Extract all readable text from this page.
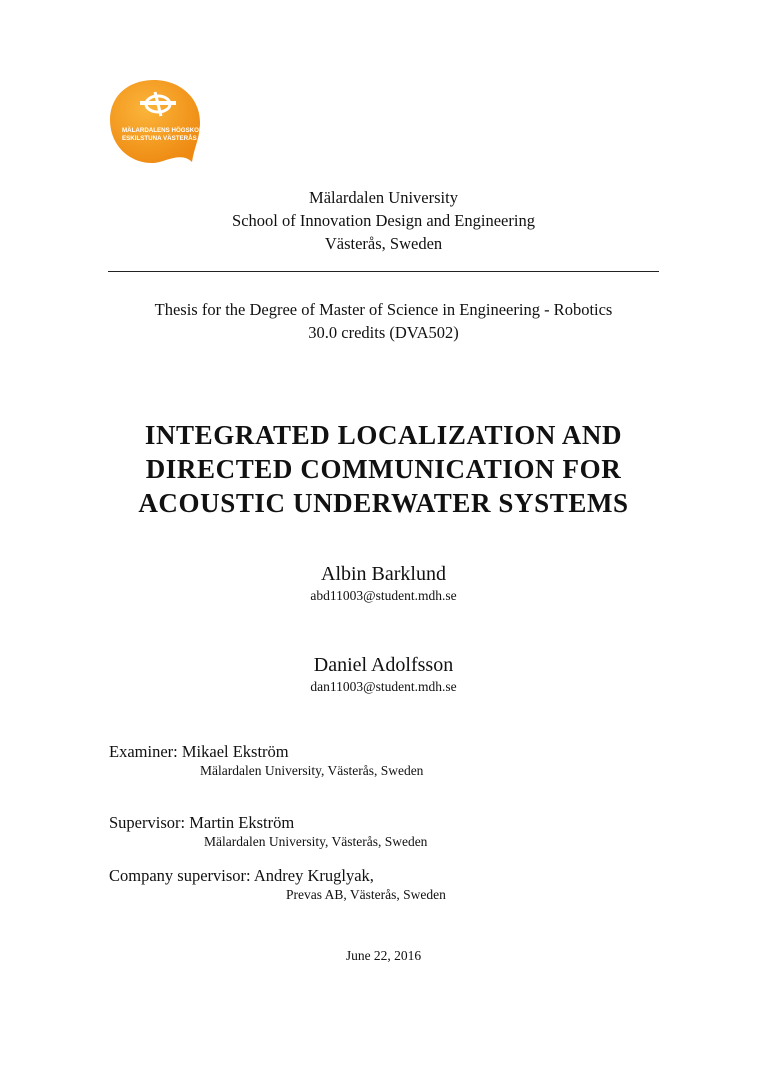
MÄLARDALENS HÖGSKOLA
ESKILSTUNA VÄSTERÅS
Mälardalen University
School of Innovation Design and Engineering
Västerås, Sweden
Thesis for the Degree of Master of Science in Engineering - Robotics
30.0 credits (DVA502)
INTEGRATED LOCALIZATION AND
DIRECTED COMMUNICATION FOR
ACOUSTIC UNDERWATER SYSTEMS
Albin Barklund
abd11003@student.mdh.se
Daniel Adolfsson
dan11003@student.mdh.se
Examiner: Mikael Ekström
Mälardalen University, Västerås, Sweden
Supervisor: Martin Ekström
Mälardalen University, Västerås, Sweden
Company supervisor: Andrey Kruglyak,
Prevas AB, Västerås, Sweden
June 22, 2016
